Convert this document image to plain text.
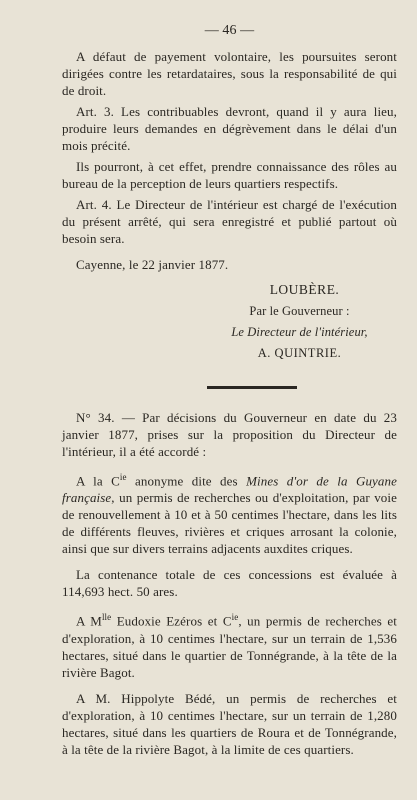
— 46 —

A défaut de payement volontaire, les poursuites seront dirigées contre les retardataires, sous la responsabilité de qui de droit.

Art. 3. Les contribuables devront, quand il y aura lieu, produire leurs demandes en dégrèvement dans le délai d'un mois précité.

Ils pourront, à cet effet, prendre connaissance des rôles au bureau de la perception de leurs quartiers respectifs.

Art. 4. Le Directeur de l'intérieur est chargé de l'exécution du présent arrêté, qui sera enregistré et publié partout où besoin sera.

Cayenne, le 22 janvier 1877.

LOUBÈRE.
Par le Gouverneur :
Le Directeur de l'intérieur,
A. QUINTRIE.

N° 34. — Par décisions du Gouverneur en date du 23 janvier 1877, prises sur la proposition du Directeur de l'intérieur, il a été accordé :

A la $C^{ie}$ anonyme dite des Mines d'or de la Guyane française, un permis de recherches ou d'exploitation, par voie de renouvellement à 10 et à 50 centimes l'hectare, dans les lits de différents fleuves, rivières et criques arrosant la colonie, ainsi que sur divers terrains adjacents auxdites criques.

La contenance totale de ces concessions est évaluée à 114,693 hect. 50 ares.

A $M^{lle}$ Eudoxie Ezéros et $C^{ie}$, un permis de recherches et d'exploration, à 10 centimes l'hectare, sur un terrain de 1,536 hectares, situé dans le quartier de Tonnégrande, à la tête de la rivière Bagot.

A M. Hippolyte Bédé, un permis de recherches et d'exploration, à 10 centimes l'hectare, sur un terrain de 1,280 hectares, situé dans les quartiers de Roura et de Tonnégrande, à la tête de la rivière Bagot, à la limite de ces quartiers.
